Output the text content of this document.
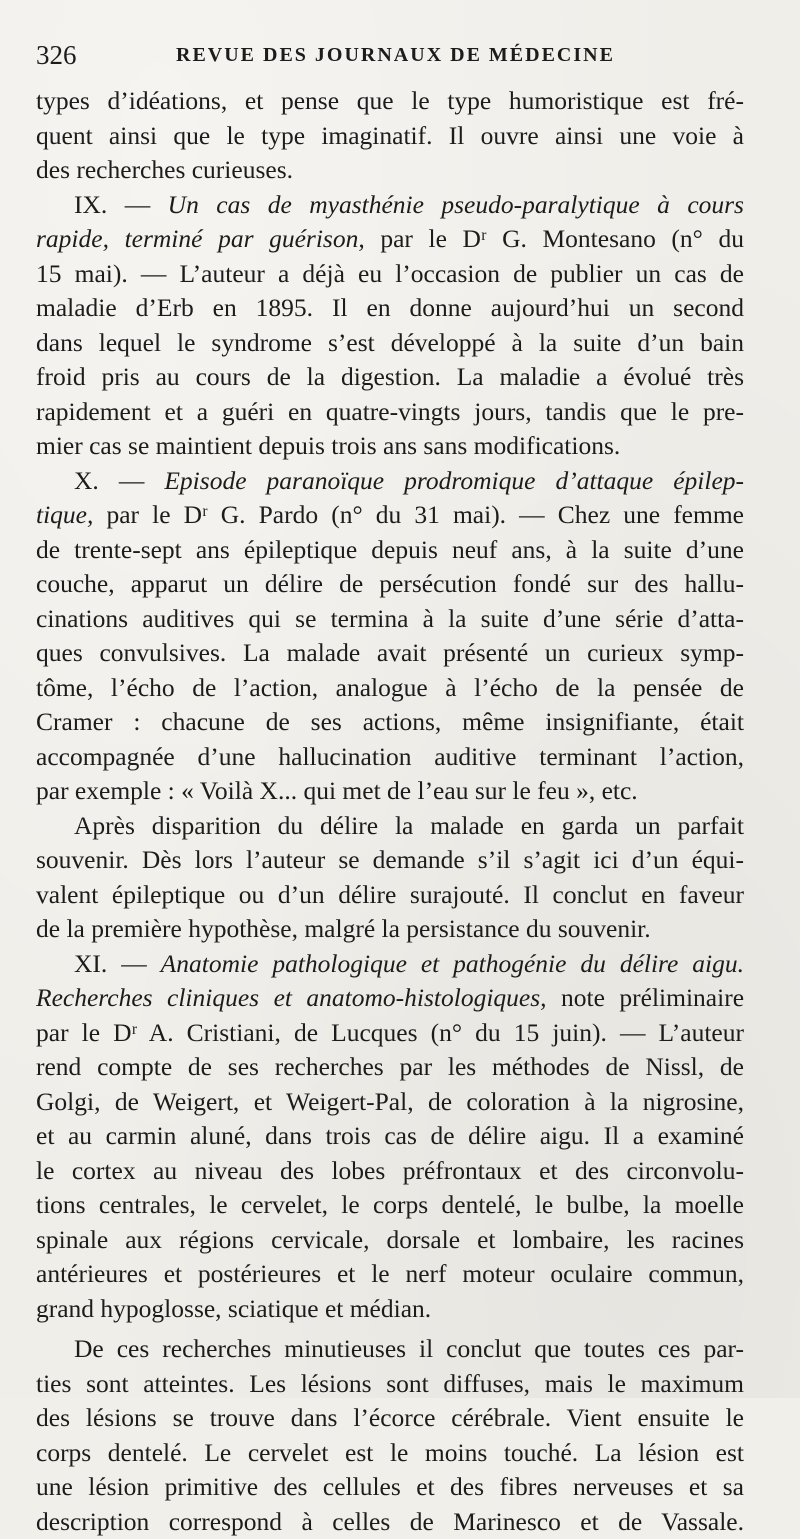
326	REVUE DES JOURNAUX DE MÉDECINE
types d’idéations, et pense que le type humoristique est fré-
quent ainsi que le type imaginatif. Il ouvre ainsi une voie à
des recherches curieuses.
IX. — Un cas de myasthénie pseudo-paralytique à cours
rapide, terminé par guérison, par le Dʳ G. Montesano (n° du
15 mai). — L’auteur a déjà eu l’occasion de publier un cas de
maladie d’Erb en 1895. Il en donne aujourd’hui un second
dans lequel le syndrome s’est développé à la suite d’un bain
froid pris au cours de la digestion. La maladie a évolué très
rapidement et a guéri en quatre-vingts jours, tandis que le pre-
mier cas se maintient depuis trois ans sans modifications.
X. — Episode paranoïque prodromique d’attaque épilep-
tique, par le Dʳ G. Pardo (n° du 31 mai). — Chez une femme
de trente-sept ans épileptique depuis neuf ans, à la suite d’une
couche, apparut un délire de persécution fondé sur des hallu-
cinations auditives qui se termina à la suite d’une série d’atta-
ques convulsives. La malade avait présenté un curieux symp-
tôme, l’écho de l’action, analogue à l’écho de la pensée de
Cramer : chacune de ses actions, même insignifiante, était
accompagnée d’une hallucination auditive terminant l’action,
par exemple : « Voilà X... qui met de l’eau sur le feu », etc.
Après disparition du délire la malade en garda un parfait
souvenir. Dès lors l’auteur se demande s’il s’agit ici d’un équi-
valent épileptique ou d’un délire surajouté. Il conclut en faveur
de la première hypothèse, malgré la persistance du souvenir.
XI. — Anatomie pathologique et pathogénie du délire aigu.
Recherches cliniques et anatomo-histologiques, note préliminaire
par le Dʳ A. Cristiani, de Lucques (n° du 15 juin). — L’auteur
rend compte de ses recherches par les méthodes de Nissl, de
Golgi, de Weigert, et Weigert-Pal, de coloration à la nigrosine,
et au carmin aluné, dans trois cas de délire aigu. Il a examiné
le cortex au niveau des lobes préfrontaux et des circonvolu-
tions centrales, le cervelet, le corps dentelé, le bulbe, la moelle
spinale aux régions cervicale, dorsale et lombaire, les racines
antérieures et postérieures et le nerf moteur oculaire commun,
grand hypoglosse, sciatique et médian.
De ces recherches minutieuses il conclut que toutes ces par-
ties sont atteintes. Les lésions sont diffuses, mais le maximum
des lésions se trouve dans l’écorce cérébrale. Vient ensuite le
corps dentelé. Le cervelet est le moins touché. La lésion est
une lésion primitive des cellules et des fibres nerveuses et sa
description correspond à celles de Marinesco et de Vassale.
